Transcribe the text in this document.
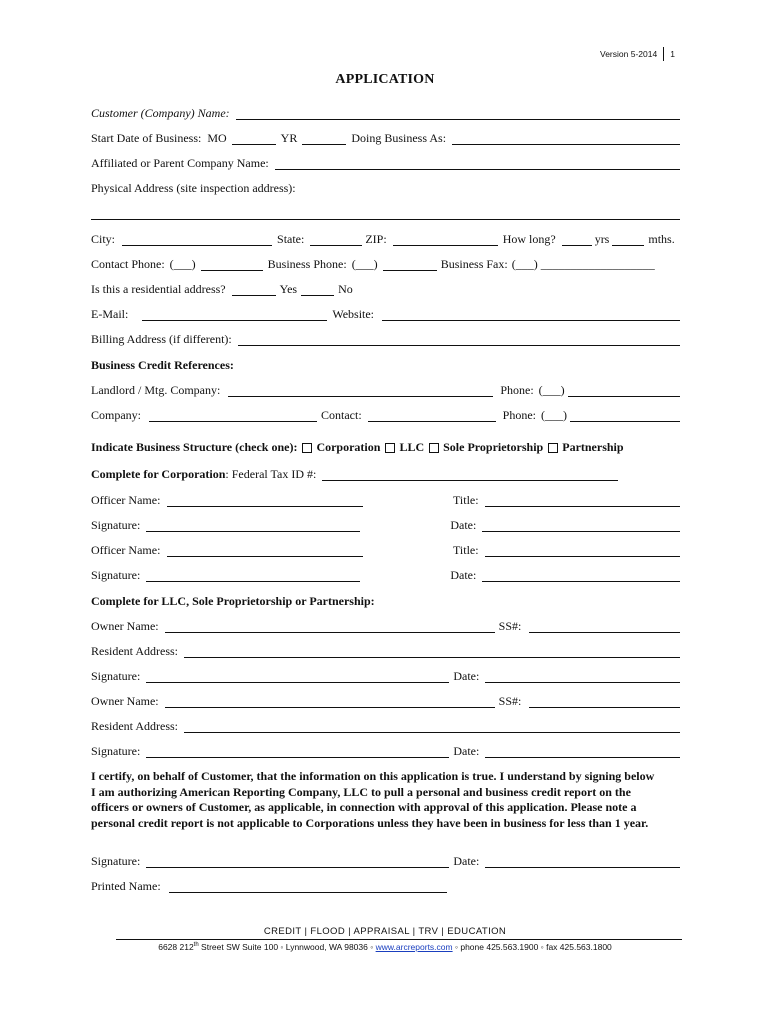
Version 5-2014 1
APPLICATION
Customer (Company) Name:
Start Date of Business: MO	YR	Doing Business As:
Affiliated or Parent Company Name:
Physical Address (site inspection address):
City:	State:	ZIP:	How long?	yrs	mths.
Contact Phone: (___)	Business Phone: (___)	Business Fax: (___) ___________________
Is this a residential address?	Yes	No
E-Mail:	Website:
Billing Address (if different):
Business Credit References:
Landlord / Mtg. Company:	Phone: (___)
Company:	Contact:	Phone: (___)
Indicate Business Structure (check one): Corporation LLC Sole Proprietorship Partnership
Complete for Corporation : Federal Tax ID #:
Officer Name:	Title:
Signature:	Date:
Officer Name:	Title:
Signature:	Date:
Complete for LLC, Sole Proprietorship or Partnership:
Owner Name:	SS#:
Resident Address:
Signature:	Date:
Owner Name:	SS#:
Resident Address:
Signature:	Date:
I certify, on behalf of Customer, that the information on this application is true. I understand by signing below I am authorizing American Reporting Company, LLC to pull a personal and business credit report on the officers or owners of Customer, as applicable, in connection with approval of this application. Please note a personal credit report is not applicable to Corporations unless they have been in business for less than 1 year.
Signature:	Date:
Printed Name:
CREDIT | FLOOD | APPRAISAL | TRV | EDUCATION
6628 212th Street SW Suite 100 ◦ Lynnwood, WA 98036 ◦ www.arcreports.com ◦ phone 425.563.1900 ◦ fax 425.563.1800
